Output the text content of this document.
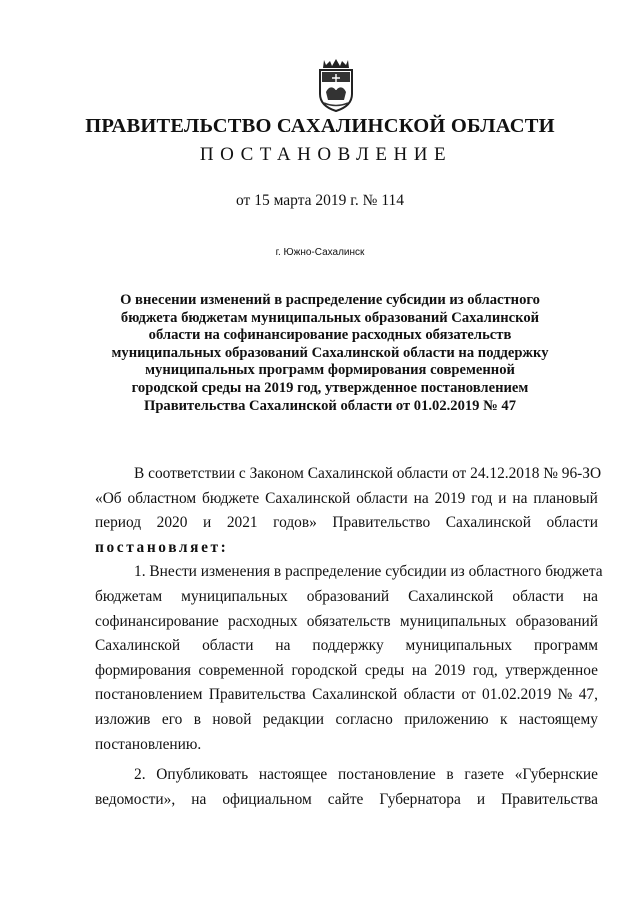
ПРАВИТЕЛЬСТВО САХАЛИНСКОЙ ОБЛАСТИ
ПОСТАНОВЛЕНИЕ
от 15 марта 2019 г. № 114
г. Южно-Сахалинск
О внесении изменений в распределение субсидии из областного
бюджета бюджетам муниципальных образований Сахалинской
области на софинансирование расходных обязательств
муниципальных образований Сахалинской области на поддержку
муниципальных программ формирования современной
городской среды на 2019 год, утвержденное постановлением
Правительства Сахалинской области от 01.02.2019 № 47
В соответствии с Законом Сахалинской области от 24.12.2018 № 96-ЗО
«Об областном бюджете Сахалинской области на 2019 год и на плановый
период 2020 и 2021 годов» Правительство Сахалинской области
постановляет:
1. Внести изменения в распределение субсидии из областного бюджета
бюджетам муниципальных образований Сахалинской области на
софинансирование расходных обязательств муниципальных образований
Сахалинской области на поддержку муниципальных программ
формирования современной городской среды на 2019 год, утвержденное
постановлением Правительства Сахалинской области от 01.02.2019 № 47,
изложив его в новой редакции согласно приложению к настоящему
постановлению.
2. Опубликовать настоящее постановление в газете «Губернские
ведомости», на официальном сайте Губернатора и Правительства
